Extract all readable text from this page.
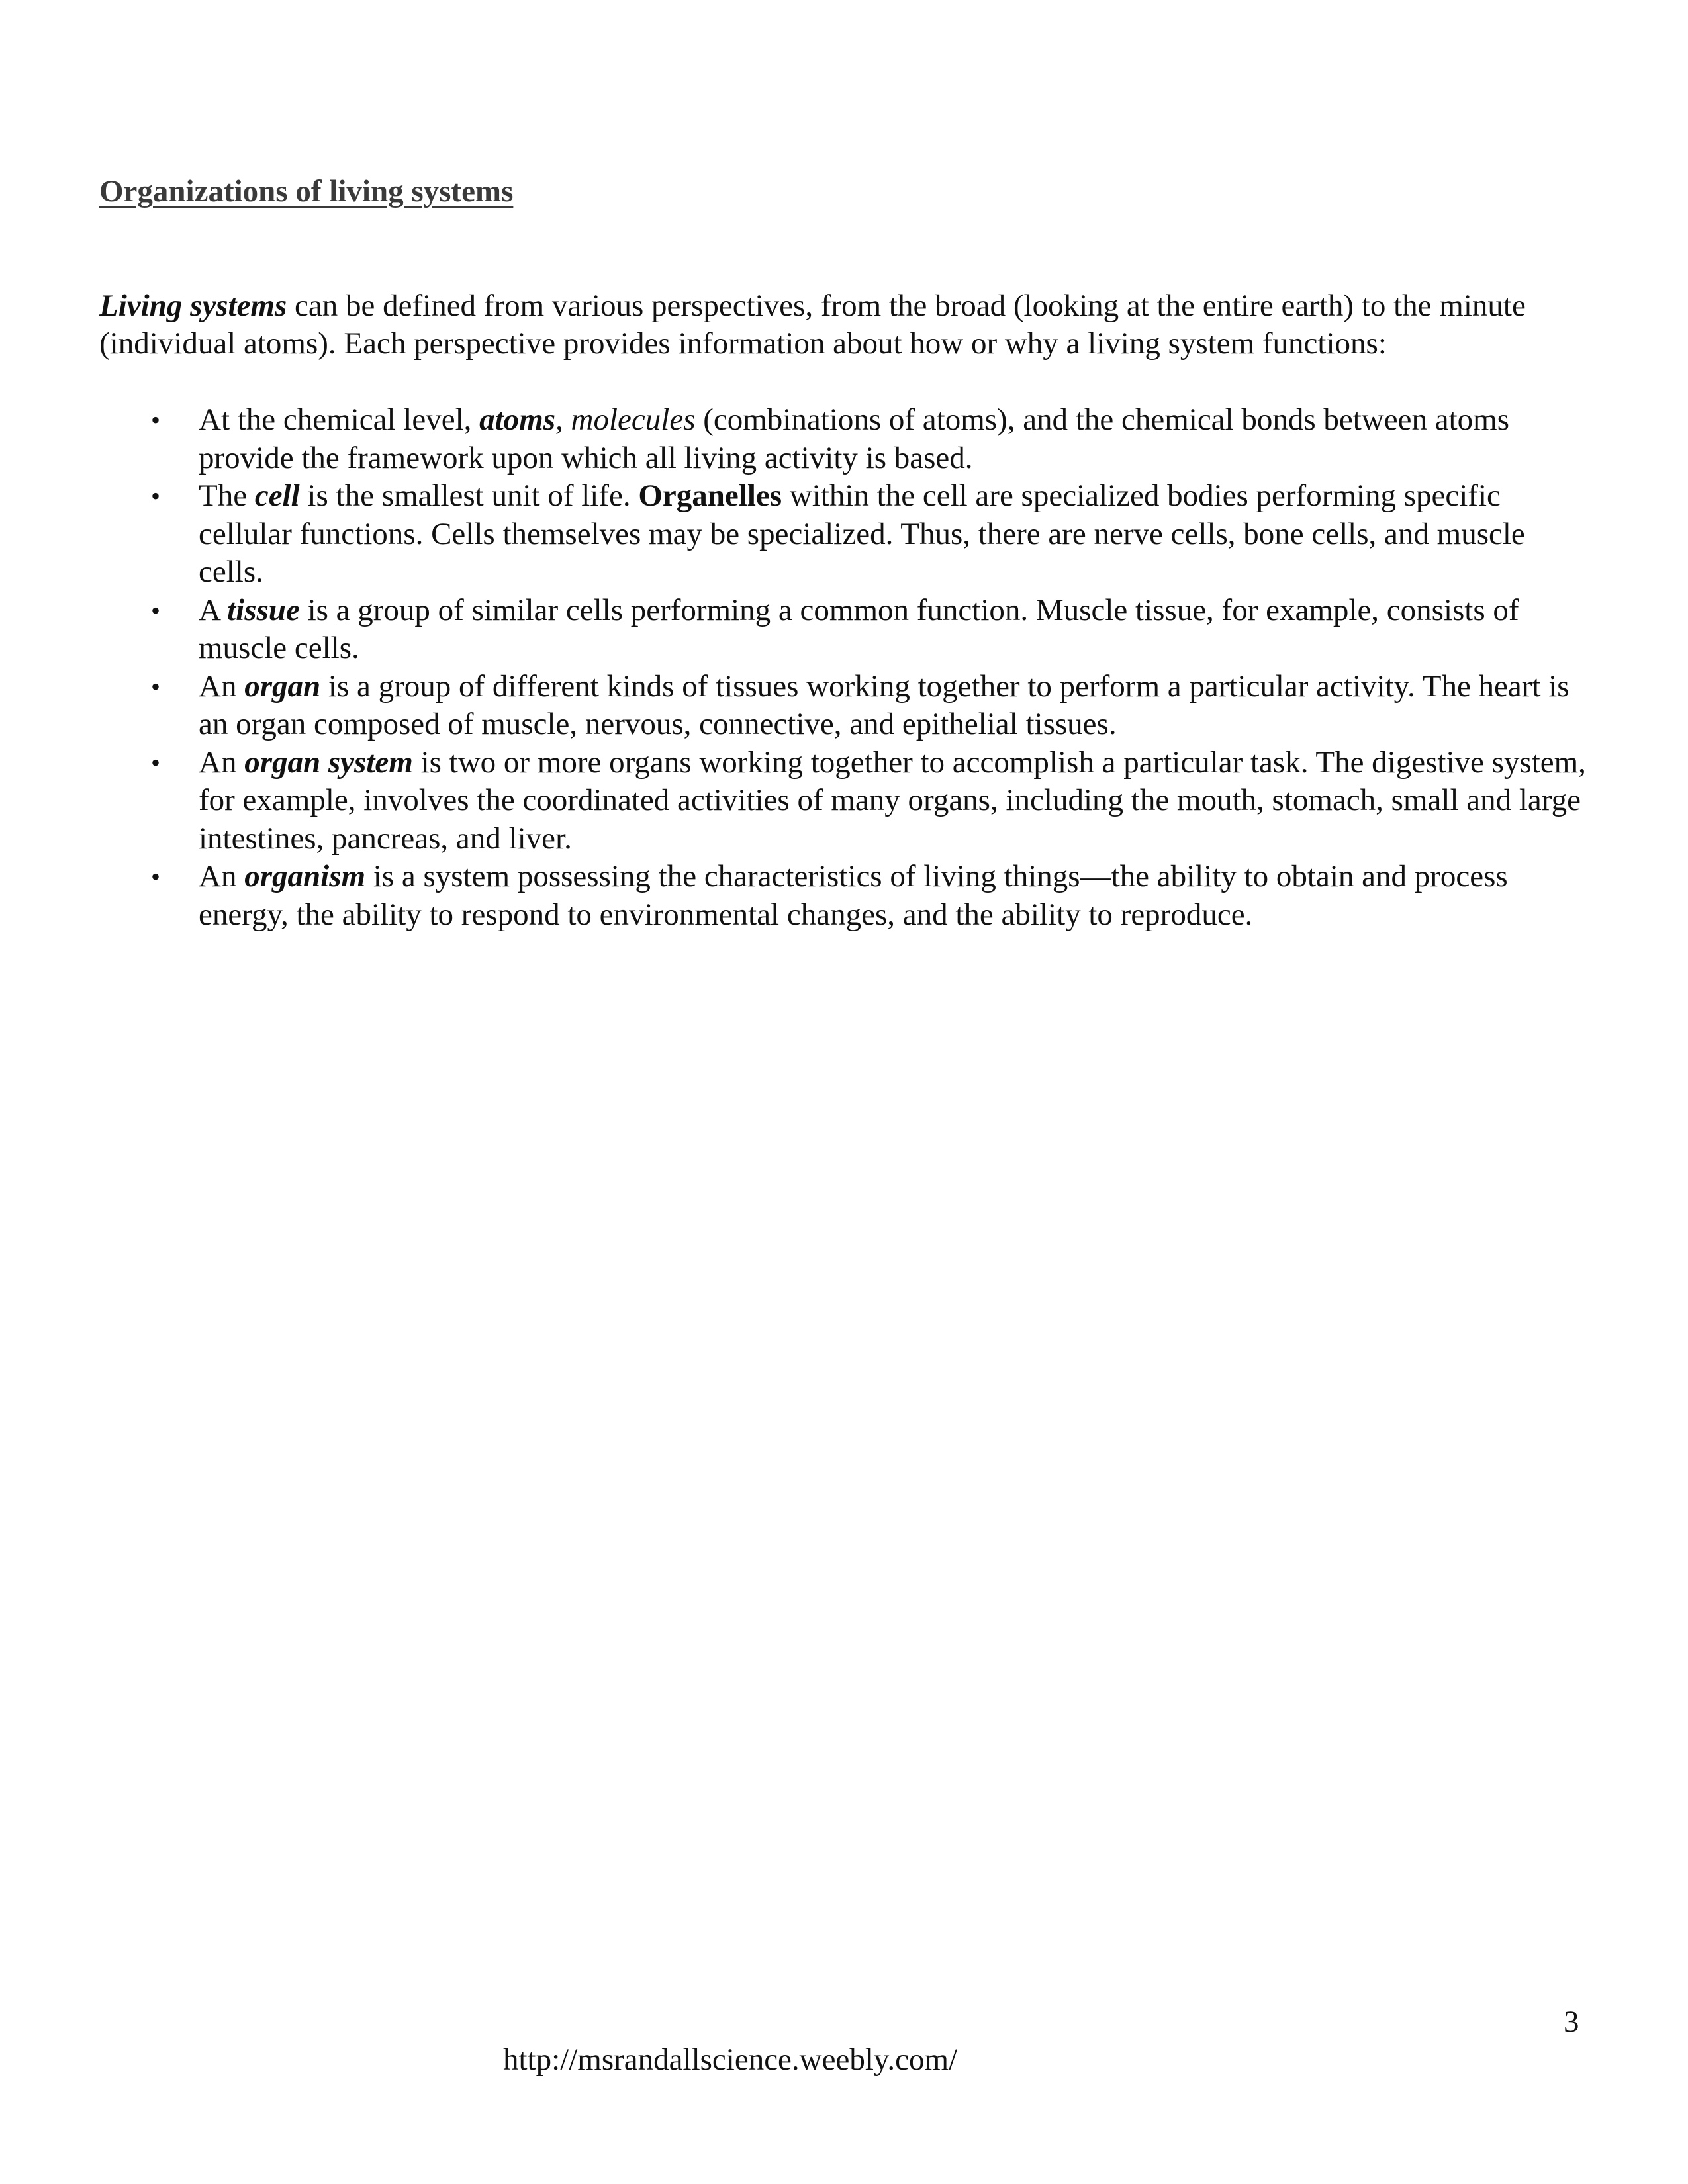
Organizations of living systems

Living systems can be defined from various perspectives, from the broad (looking at the entire earth) to the minute (individual atoms). Each perspective provides information about how or why a living system functions:

• At the chemical level, atoms, molecules (combinations of atoms), and the chemical bonds between atoms provide the framework upon which all living activity is based.
• The cell is the smallest unit of life. Organelles within the cell are specialized bodies performing specific cellular functions. Cells themselves may be specialized. Thus, there are nerve cells, bone cells, and muscle cells.
• A tissue is a group of similar cells performing a common function. Muscle tissue, for example, consists of muscle cells.
• An organ is a group of different kinds of tissues working together to perform a particular activity. The heart is an organ composed of muscle, nervous, connective, and epithelial tissues.
• An organ system is two or more organs working together to accomplish a particular task. The digestive system, for example, involves the coordinated activities of many organs, including the mouth, stomach, small and large intestines, pancreas, and liver.
• An organism is a system possessing the characteristics of living things—the ability to obtain and process energy, the ability to respond to environmental changes, and the ability to reproduce.
3
http://msrandallscience.weebly.com/
